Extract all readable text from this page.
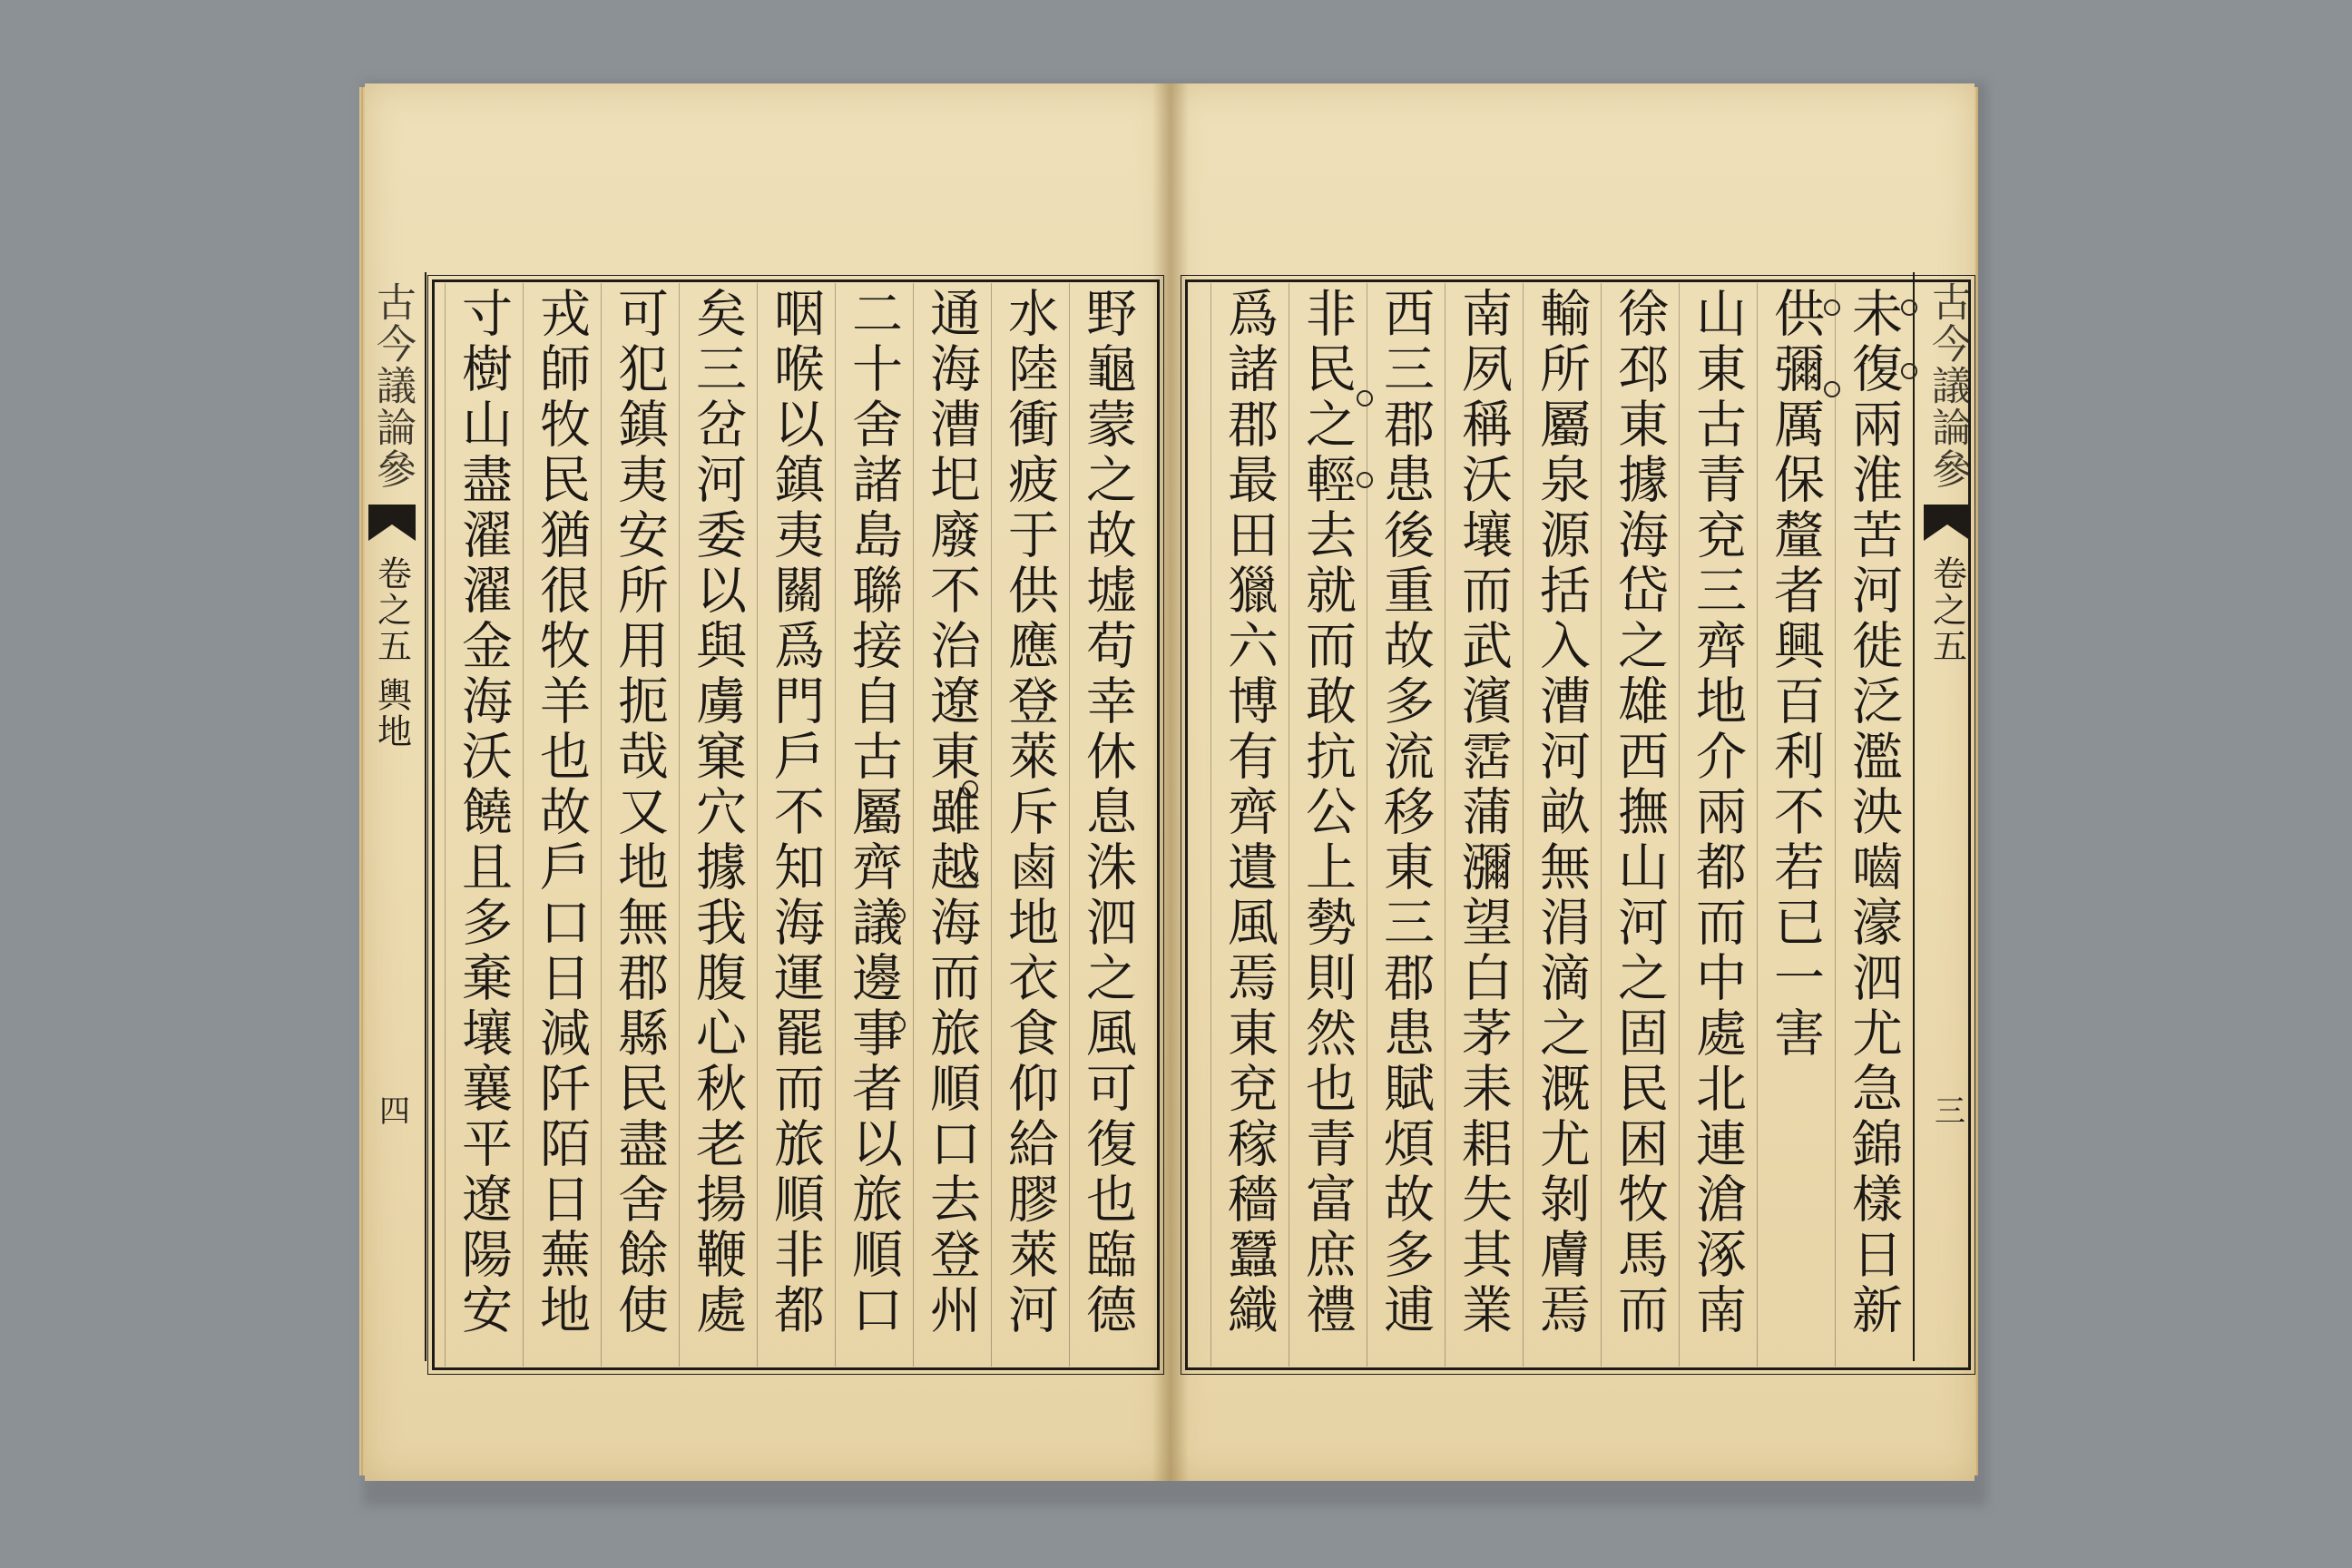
古今議論參
卷之五 輿地
四
野龜蒙之故墟苟幸休息洙泗之風可復也臨德
水陸衝疲于供應登萊斥鹵地衣食仰給膠萊河
通海漕圯廢不治遼東雖越海而旅順口去登州
二十舍諸島聯接自古屬齊議邊事者以旅順口
咽喉以鎮夷關爲門戶不知海運罷而旅順非都
矣三岔河委以與虜窠穴據我腹心秋老揚鞭處
可犯鎮夷安所用扼哉又地無郡縣民盡舍餘使
戎師牧民猶很牧羊也故戶口日減阡陌日蕪地
寸樹山盡濯濯金海沃饒且多棄壤襄平遼陽安
古今議論參
卷之五
三
未復兩淮苦河徙泛濫泱嚙濠泗尤急錦樣日新
供彌厲保釐者興百利不若已一害
山東古青兗三齊地介兩都而中處北連滄涿南
徐邳東據海岱之雄西撫山河之固民困牧馬而
輸所屬泉源括入漕河畝無涓滴之溉尤剝膚焉
南夙稱沃壤而武濱霑蒲瀰望白茅耒耜失其業
西三郡患後重故多流移東三郡患賦煩故多逋
非民之輕去就而敢抗公上勢則然也青富庶禮
爲諸郡最田獵六博有齊遺風焉東兗稼穡蠶織
